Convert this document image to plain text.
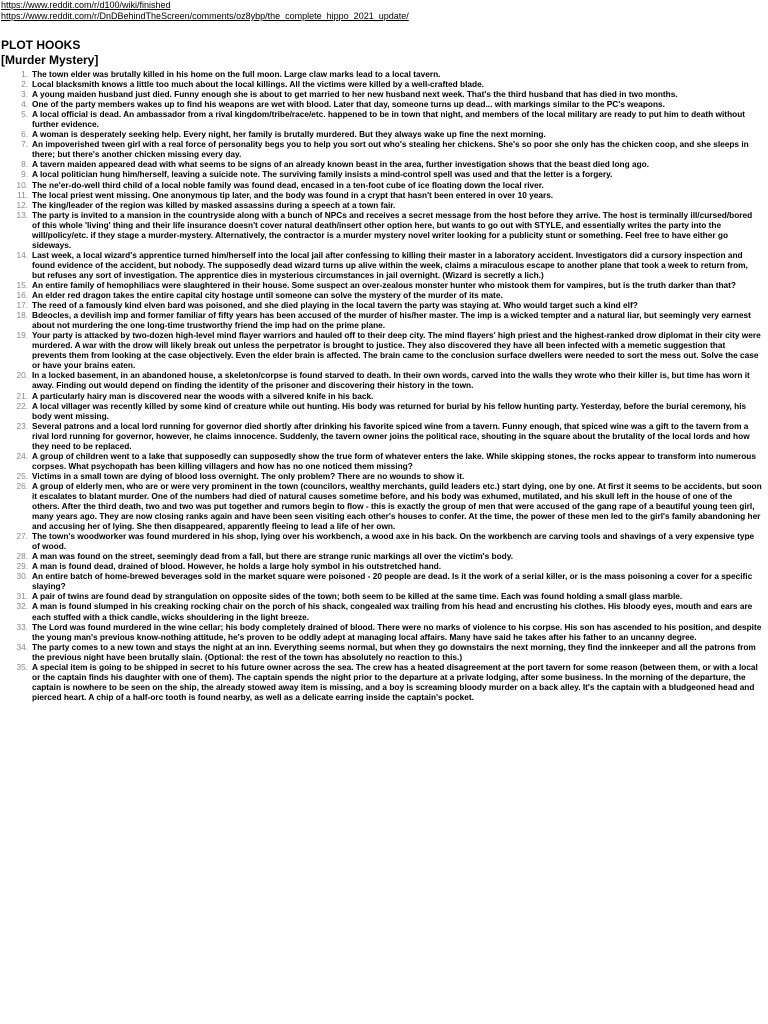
https://www.reddit.com/r/d100/wiki/finished
https://www.reddit.com/r/DnDBehindTheScreen/comments/oz8ybp/the_complete_hippo_2021_update/
PLOT HOOKS
[Murder Mystery]
1. The town elder was brutally killed in his home on the full moon. Large claw marks lead to a local tavern.
2. Local blacksmith knows a little too much about the local killings. All the victims were killed by a well-crafted blade.
3. A young maiden husband just died. Funny enough she is about to get married to her new husband next week. That's the third husband that has died in two months.
4. One of the party members wakes up to find his weapons are wet with blood. Later that day, someone turns up dead... with markings similar to the PC's weapons.
5. A local official is dead. An ambassador from a rival kingdom/tribe/race/etc. happened to be in town that night, and members of the local military are ready to put him to death without further evidence.
6. A woman is desperately seeking help. Every night, her family is brutally murdered. But they always wake up fine the next morning.
7. An impoverished tween girl with a real force of personality begs you to help you sort out who's stealing her chickens. She's so poor she only has the chicken coop, and she sleeps in there; but there's another chicken missing every day.
8. A tavern maiden appeared dead with what seems to be signs of an already known beast in the area, further investigation shows that the beast died long ago.
9. A local politician hung him/herself, leaving a suicide note. The surviving family insists a mind-control spell was used and that the letter is a forgery.
10. The ne'er-do-well third child of a local noble family was found dead, encased in a ten-foot cube of ice floating down the local river.
11. The local priest went missing. One anonymous tip later, and the body was found in a crypt that hasn't been entered in over 10 years.
12. The king/leader of the region was killed by masked assassins during a speech at a town fair.
13. The party is invited to a mansion in the countryside along with a bunch of NPCs and receives a secret message from the host before they arrive. The host is terminally ill/cursed/bored of this whole 'living' thing and their life insurance doesn't cover natural death/insert other option here, but wants to go out with STYLE, and essentially writes the party into the will/policy/etc. if they stage a murder-mystery. Alternatively, the contractor is a murder mystery novel writer looking for a publicity stunt or something. Feel free to have either go sideways.
14. Last week, a local wizard's apprentice turned him/herself into the local jail after confessing to killing their master in a laboratory accident. Investigators did a cursory inspection and found evidence of the accident, but nobody. The supposedly dead wizard turns up alive within the week, claims a miraculous escape to another plane that took a week to return from, but refuses any sort of investigation. The apprentice dies in mysterious circumstances in jail overnight. (Wizard is secretly a lich.)
15. An entire family of hemophiliacs were slaughtered in their house. Some suspect an over-zealous monster hunter who mistook them for vampires, but is the truth darker than that?
16. An elder red dragon takes the entire capital city hostage until someone can solve the mystery of the murder of its mate.
17. The reed of a famously kind elven bard was poisoned, and she died playing in the local tavern the party was staying at. Who would target such a kind elf?
18. Bdeocles, a devilish imp and former familiar of fifty years has been accused of the murder of his/her master. The imp is a wicked tempter and a natural liar, but seemingly very earnest about not murdering the one long-time trustworthy friend the imp had on the prime plane.
19. Your party is attacked by two-dozen high-level mind flayer warriors and hauled off to their deep city. The mind flayers' high priest and the highest-ranked drow diplomat in their city were murdered. A war with the drow will likely break out unless the perpetrator is brought to justice. They also discovered they have all been infected with a memetic suggestion that prevents them from looking at the case objectively. Even the elder brain is affected. The brain came to the conclusion surface dwellers were needed to sort the mess out. Solve the case or have your brains eaten.
20. In a locked basement, in an abandoned house, a skeleton/corpse is found starved to death. In their own words, carved into the walls they wrote who their killer is, but time has worn it away. Finding out would depend on finding the identity of the prisoner and discovering their history in the town.
21. A particularly hairy man is discovered near the woods with a silvered knife in his back.
22. A local villager was recently killed by some kind of creature while out hunting. His body was returned for burial by his fellow hunting party. Yesterday, before the burial ceremony, his body went missing.
23. Several patrons and a local lord running for governor died shortly after drinking his favorite spiced wine from a tavern. Funny enough, that spiced wine was a gift to the tavern from a rival lord running for governor, however, he claims innocence. Suddenly, the tavern owner joins the political race, shouting in the square about the brutality of the local lords and how they need to be replaced.
24. A group of children went to a lake that supposedly can supposedly show the true form of whatever enters the lake. While skipping stones, the rocks appear to transform into numerous corpses. What psychopath has been killing villagers and how has no one noticed them missing?
25. Victims in a small town are dying of blood loss overnight. The only problem? There are no wounds to show it.
26. A group of elderly men, who are or were very prominent in the town (councilors, wealthy merchants, guild leaders etc.) start dying, one by one. At first it seems to be accidents, but soon it escalates to blatant murder. One of the numbers had died of natural causes sometime before, and his body was exhumed, mutilated, and his skull left in the house of one of the others. After the third death, two and two was put together and rumors begin to flow - this is exactly the group of men that were accused of the gang rape of a beautiful young teen girl, many years ago. They are now closing ranks again and have been seen visiting each other's houses to confer. At the time, the power of these men led to the girl's family abandoning her and accusing her of lying. She then disappeared, apparently fleeing to lead a life of her own.
27. The town's woodworker was found murdered in his shop, lying over his workbench, a wood axe in his back. On the workbench are carving tools and shavings of a very expensive type of wood.
28. A man was found on the street, seemingly dead from a fall, but there are strange runic markings all over the victim's body.
29. A man is found dead, drained of blood. However, he holds a large holy symbol in his outstretched hand.
30. An entire batch of home-brewed beverages sold in the market square were poisoned - 20 people are dead. Is it the work of a serial killer, or is the mass poisoning a cover for a specific slaying?
31. A pair of twins are found dead by strangulation on opposite sides of the town; both seem to be killed at the same time. Each was found holding a small glass marble.
32. A man is found slumped in his creaking rocking chair on the porch of his shack, congealed wax trailing from his head and encrusting his clothes. His bloody eyes, mouth and ears are each stuffed with a thick candle, wicks shouldering in the light breeze.
33. The Lord was found murdered in the wine cellar; his body completely drained of blood. There were no marks of violence to his corpse. His son has ascended to his position, and despite the young man's previous know-nothing attitude, he's proven to be oddly adept at managing local affairs. Many have said he takes after his father to an uncanny degree.
34. The party comes to a new town and stays the night at an inn. Everything seems normal, but when they go downstairs the next morning, they find the innkeeper and all the patrons from the previous night have been brutally slain. (Optional: the rest of the town has absolutely no reaction to this.)
35. A special item is going to be shipped in secret to his future owner across the sea. The crew has a heated disagreement at the port tavern for some reason (between them, or with a local or the captain finds his daughter with one of them). The captain spends the night prior to the departure at a private lodging, after some business. In the morning of the departure, the captain is nowhere to be seen on the ship, the already stowed away item is missing, and a boy is screaming bloody murder on a back alley. It's the captain with a bludgeoned head and pierced heart. A chip of a half-orc tooth is found nearby, as well as a delicate earring inside the captain's pocket.
